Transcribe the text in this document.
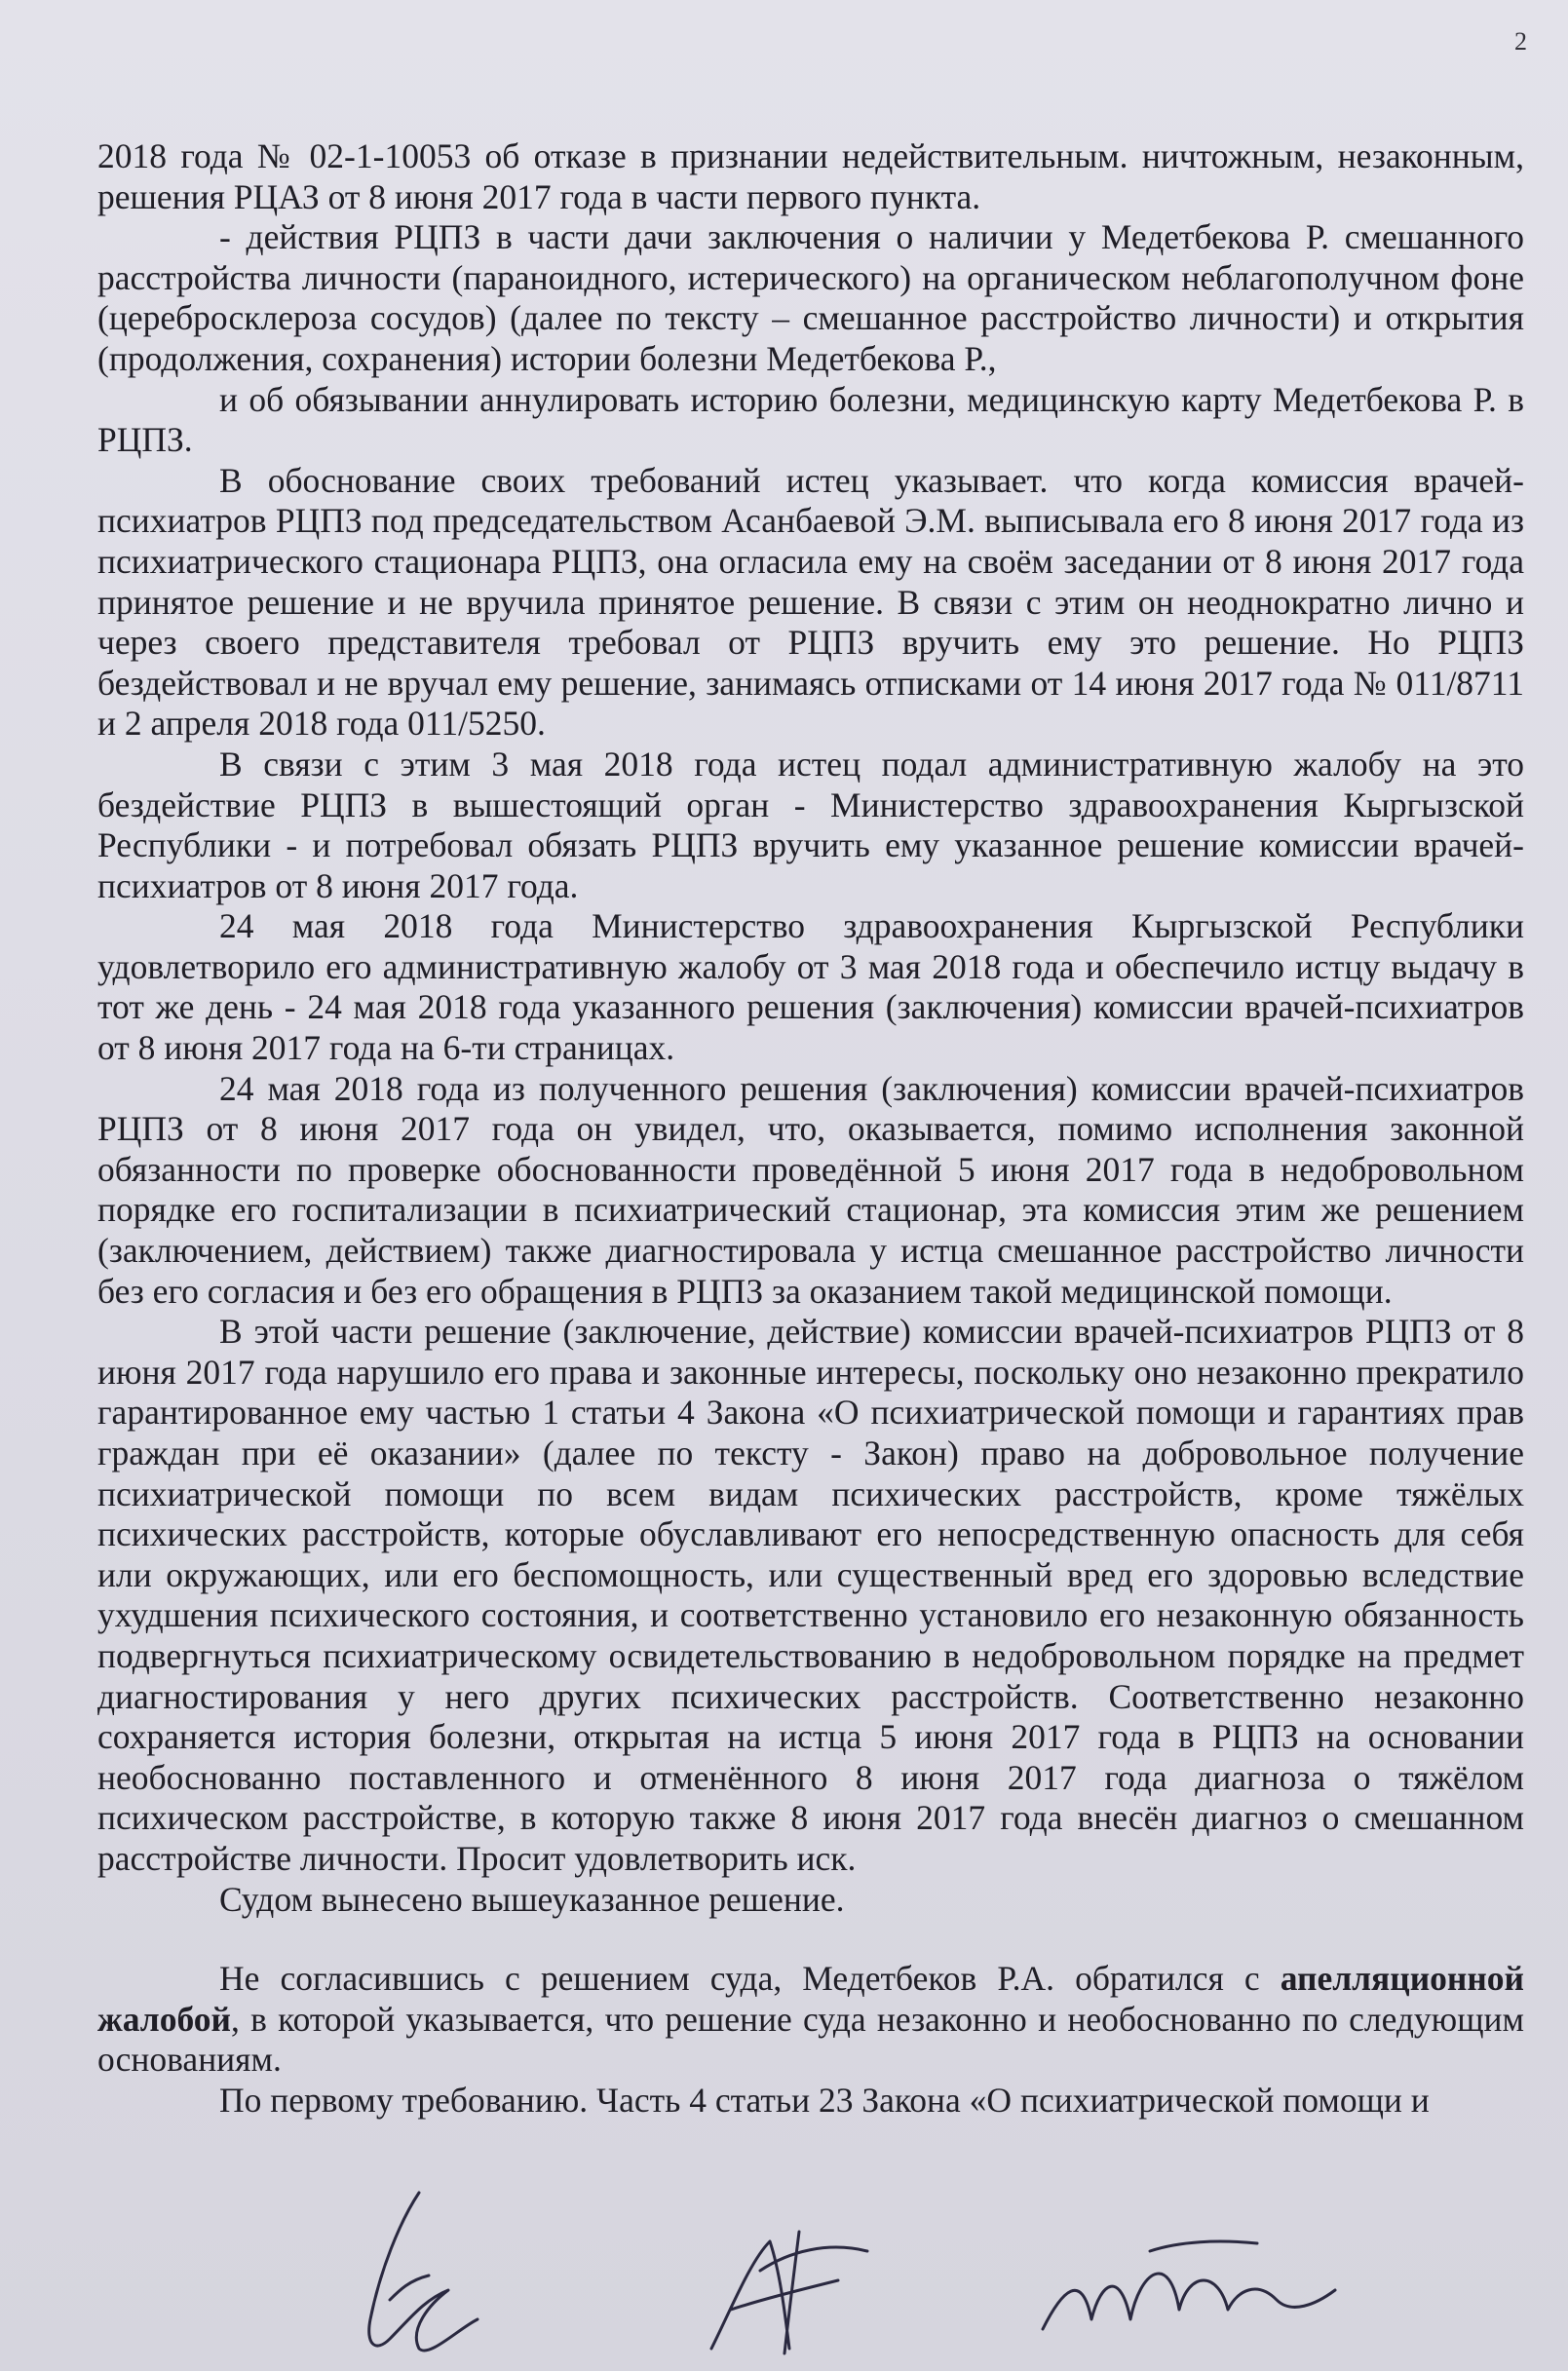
2

2018 года № 02-1-10053 об отказе в признании недействительным. ничтожным, незаконным, решения РЦАЗ от 8 июня 2017 года в части первого пункта.

- действия РЦПЗ в части дачи заключения о наличии у Медетбекова Р. смешанного расстройства личности (параноидного, истерического) на органическом неблагополучном фоне (церебросклероза сосудов) (далее по тексту – смешанное расстройство личности) и открытия (продолжения, сохранения) истории болезни Медетбекова Р.,

и об обязывании аннулировать историю болезни, медицинскую карту Медетбекова Р. в РЦПЗ.

В обоснование своих требований истец указывает. что когда комиссия врачей-психиатров РЦПЗ под председательством Асанбаевой Э.М. выписывала его 8 июня 2017 года из психиатрического стационара РЦПЗ, она огласила ему на своём заседании от 8 июня 2017 года принятое решение и не вручила принятое решение. В связи с этим он неоднократно лично и через своего представителя требовал от РЦПЗ вручить ему это решение. Но РЦПЗ бездействовал и не вручал ему решение, занимаясь отписками от 14 июня 2017 года № 011/8711 и 2 апреля 2018 года 011/5250.

В связи с этим 3 мая 2018 года истец подал административную жалобу на это бездействие РЦПЗ в вышестоящий орган - Министерство здравоохранения Кыргызской Республики - и потребовал обязать РЦПЗ вручить ему указанное решение комиссии врачей-психиатров от 8 июня 2017 года.

24 мая 2018 года Министерство здравоохранения Кыргызской Республики удовлетворило его административную жалобу от 3 мая 2018 года и обеспечило истцу выдачу в тот же день - 24 мая 2018 года указанного решения (заключения) комиссии врачей-психиатров от 8 июня 2017 года на 6-ти страницах.

24 мая 2018 года из полученного решения (заключения) комиссии врачей-психиатров РЦПЗ от 8 июня 2017 года он увидел, что, оказывается, помимо исполнения законной обязанности по проверке обоснованности проведённой 5 июня 2017 года в недобровольном порядке его госпитализации в психиатрический стационар, эта комиссия этим же решением (заключением, действием) также диагностировала у истца смешанное расстройство личности без его согласия и без его обращения в РЦПЗ за оказанием такой медицинской помощи.

В этой части решение (заключение, действие) комиссии врачей-психиатров РЦПЗ от 8 июня 2017 года нарушило его права и законные интересы, поскольку оно незаконно прекратило гарантированное ему частью 1 статьи 4 Закона «О психиатрической помощи и гарантиях прав граждан при её оказании» (далее по тексту - Закон) право на добровольное получение психиатрической помощи по всем видам психических расстройств, кроме тяжёлых психических расстройств, которые обуславливают его непосредственную опасность для себя или окружающих, или его беспомощность, или существенный вред его здоровью вследствие ухудшения психического состояния, и соответственно установило его незаконную обязанность подвергнуться психиатрическому освидетельствованию в недобровольном порядке на предмет диагностирования у него других психических расстройств. Соответственно незаконно сохраняется история болезни, открытая на истца 5 июня 2017 года в РЦПЗ на основании необоснованно поставленного и отменённого 8 июня 2017 года диагноза о тяжёлом психическом расстройстве, в которую также 8 июня 2017 года внесён диагноз о смешанном расстройстве личности. Просит удовлетворить иск.

Судом вынесено вышеуказанное решение.

Не согласившись с решением суда, Медетбеков Р.А. обратился с апелляционной жалобой, в которой указывается, что решение суда незаконно и необоснованно по следующим основаниям.

По первому требованию. Часть 4 статьи 23 Закона «О психиатрической помощи и
